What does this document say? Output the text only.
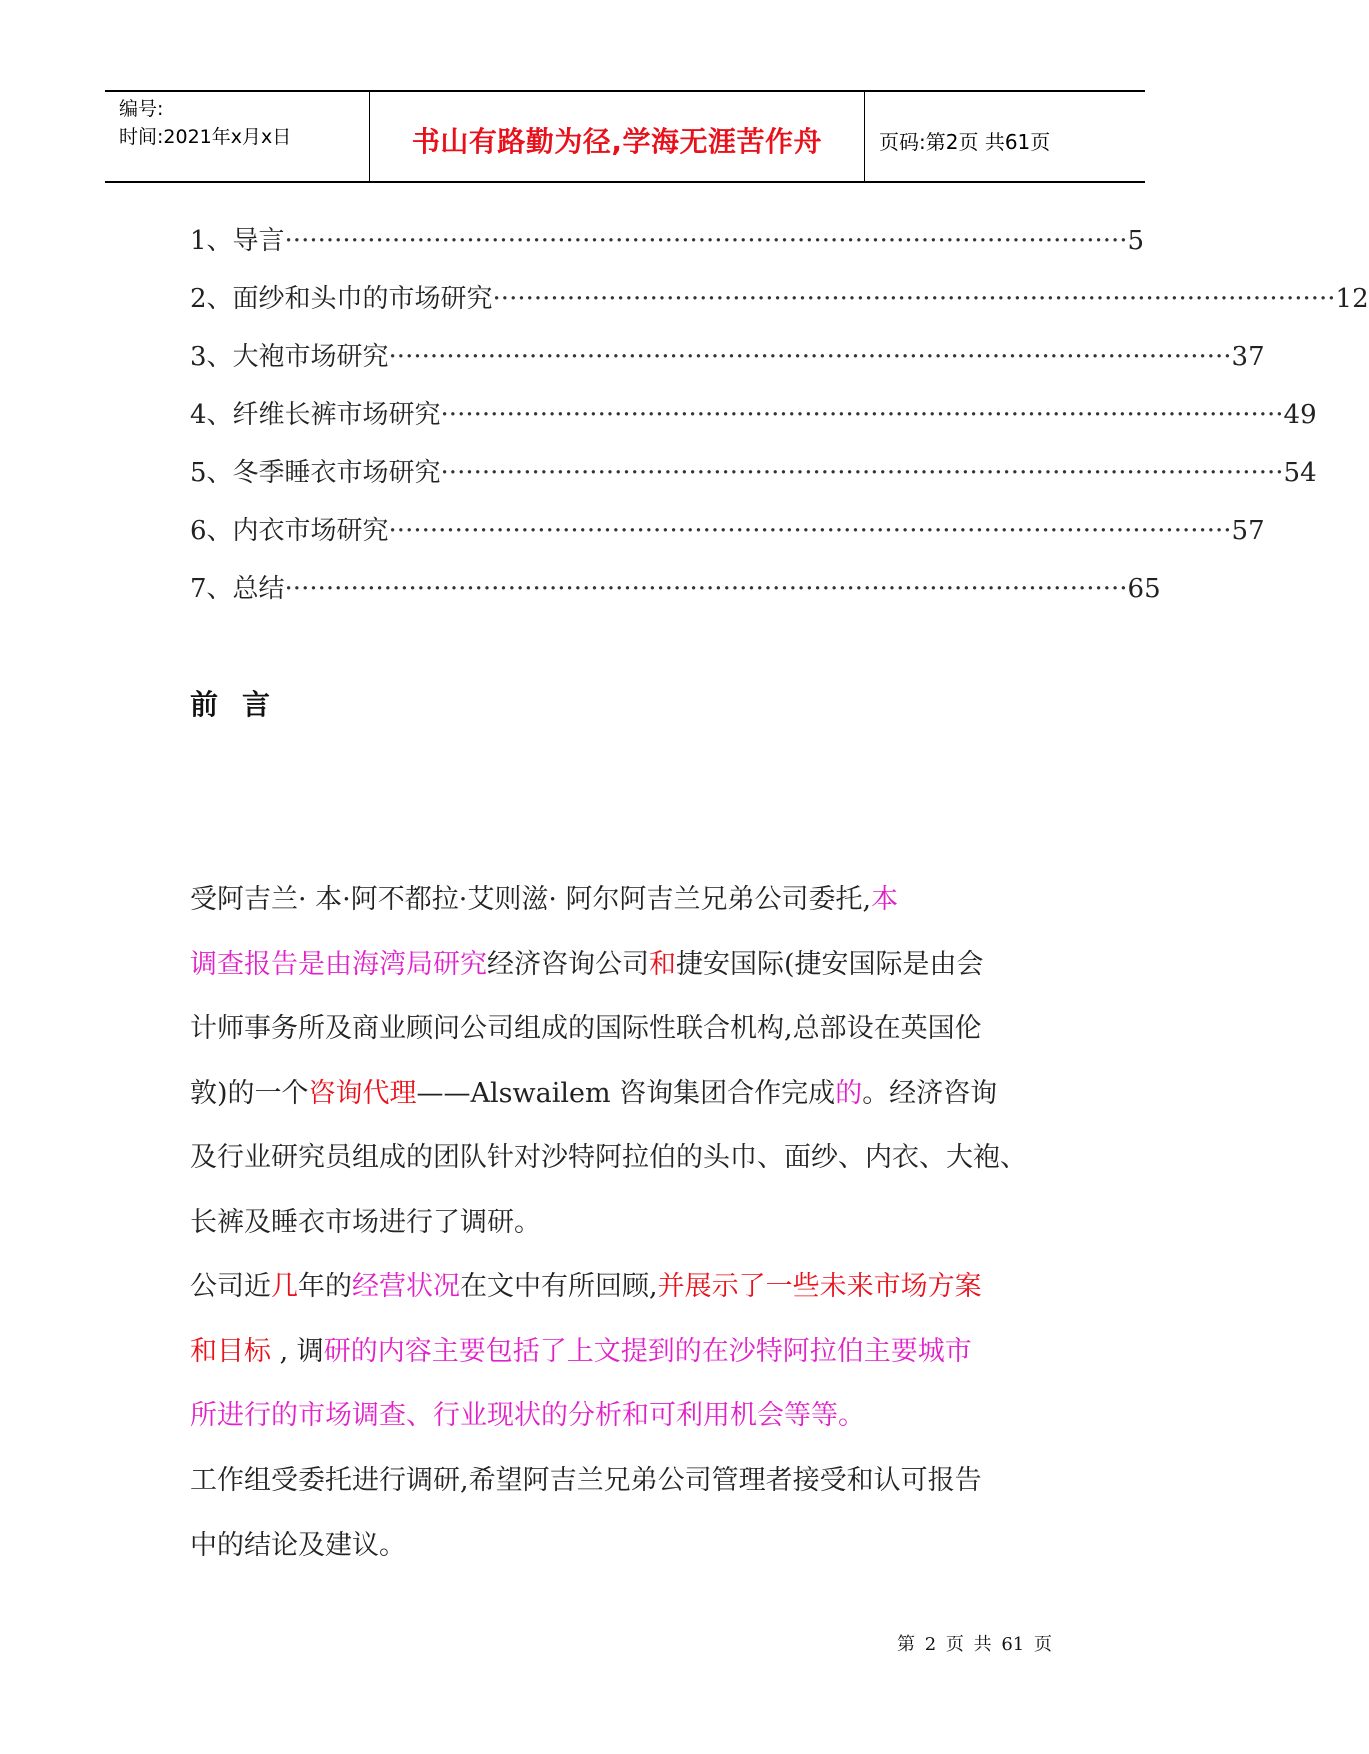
编号:
时间:2021年x月x日	书山有路勤为径,学海无涯苦作舟	页码:第2页 共61页
1、导言 ······································································································ 5
2、面纱和头巾的市场研究 ······································································································ 12
3、大袍市场研究 ······································································································ 37
4、纤维长裤市场研究 ······································································································ 49
5、冬季睡衣市场研究 ······································································································ 54
6、内衣市场研究 ······································································································ 57
7、总结 ······································································································ 65
前言
受阿吉兰· 本·阿不都拉·艾则滋· 阿尔阿吉兰兄弟公司委托,本
调查报告是由海湾局研究经济咨询公司和捷安国际(捷安国际是由会
计师事务所及商业顾问公司组成的国际性联合机构,总部设在英国伦
敦)的一个咨询代理——Alswailem 咨询集团合作完成的。经济咨询
及行业研究员组成的团队针对沙特阿拉伯的头巾、面纱、内衣、大袍、
长裤及睡衣市场进行了调研。
公司近几年的经营状况在文中有所回顾,并展示了一些未来市场方案
和目标 , 调研的内容主要包括了上文提到的在沙特阿拉伯主要城市
所进行的市场调查、行业现状的分析和可利用机会等等。
工作组受委托进行调研,希望阿吉兰兄弟公司管理者接受和认可报告
中的结论及建议。
第 2 页 共 61 页
